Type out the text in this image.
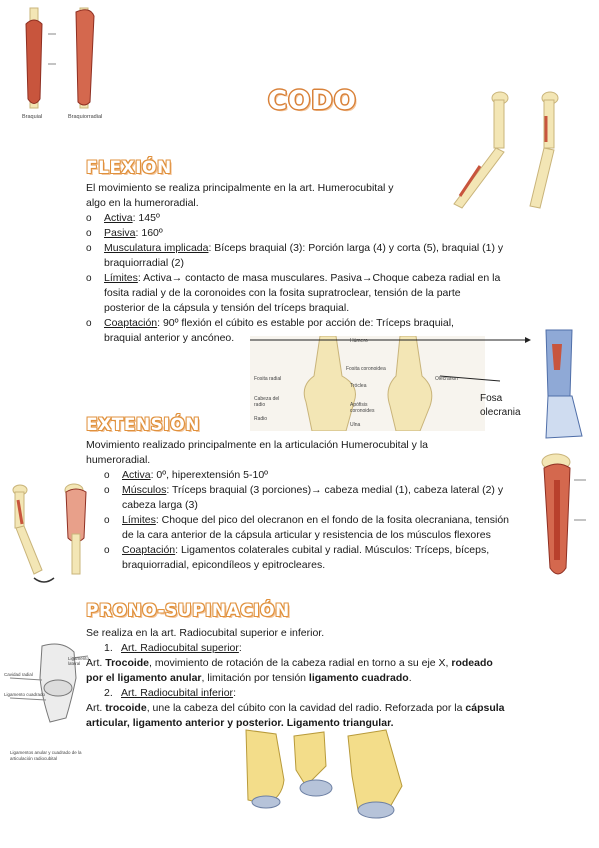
Braquial	Braquiorradial
CODO
FLEXIÓN
El movimiento se realiza principalmente en la art. Humerocubital y algo en la humeroradial.
o Activa: 145º
o Pasiva: 160º
o Musculatura implicada: Bíceps braquial (3): Porción larga (4) y corta (5), braquial (1) y braquiorradial (2)
o Límites: Activa→ contacto de masa musculares. Pasiva→Choque cabeza radial en la fosita radial y de la coronoides con la fosita supratroclear, tensión de la parte posterior de la cápsula y tensión del tríceps braquial.
o Coaptación: 90º flexión el cúbito es estable por acción de: Tríceps braquial, braquial anterior y ancóneo.	Húmero
Fosita coronoidea
Fosita radial
Tróclea
Cabeza del radio	Apófisis coronoides
Radio
Ulna
Olecranon
Fosa olecrania
EXTENSIÓN
Movimiento realizado principalmente en la articulación Humerocubital y la humeroradial.
o Activa: 0º, hiperextensión 5-10º
o Músculos: Tríceps braquial (3 porciones)→ cabeza medial (1), cabeza lateral (2) y cabeza larga (3)
o Límites: Choque del pico del olecranon en el fondo de la fosita olecraniana, tensión de la cara anterior de la cápsula articular y resistencia de los músculos flexores
o Coaptación: Ligamentos colaterales cubital y radial. Músculos: Tríceps, bíceps, braquiorradial, epicondíleos y epitrocleares.
PRONO-SUPINACIÓN
Se realiza en la art. Radiocubital superior e inferior.
1. Art. Radiocubital superior:
Art. Trocoide, movimiento de rotación de la cabeza radial en torno a su eje X, rodeado por el ligamento anular, limitación por tensión ligamento cuadrado.
2. Art. Radiocubital inferior:
Art. trocoide, une la cabeza del cúbito con la cavidad del radio. Reforzada por la cápsula articular, ligamento anterior y posterior. Ligamento triangular.
Ligamento lateral
Cavidad radial
Ligamento cuadrado
Ligamentos anular y cuadrado de la articulación radiocubital
